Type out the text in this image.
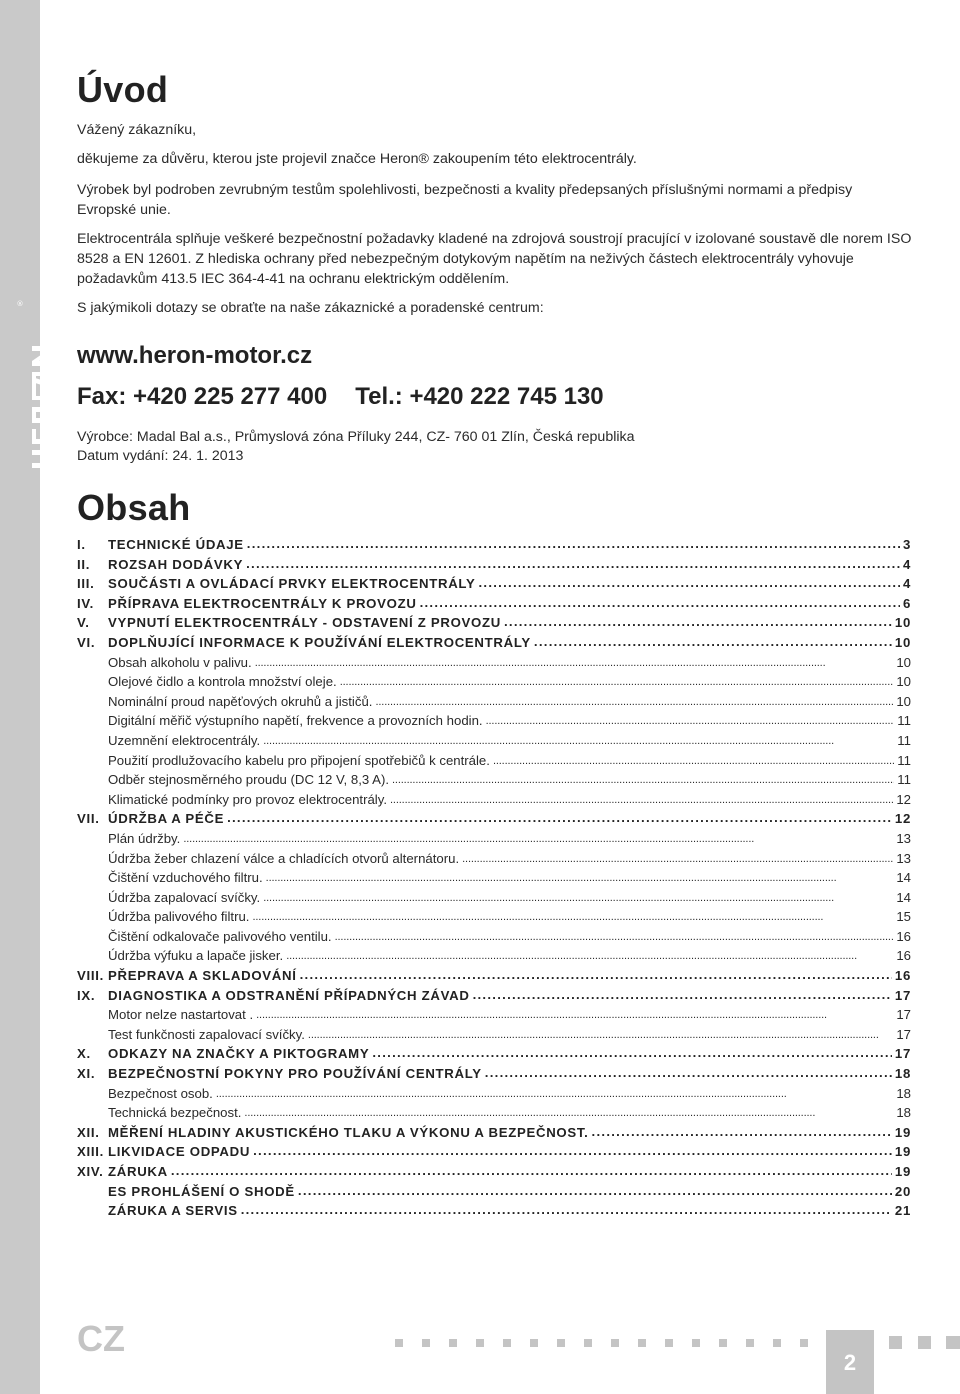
®
Úvod
Vážený zákazníku,
děkujeme za důvěru, kterou jste projevil značce Heron® zakoupením této elektrocentrály.
Výrobek byl podroben zevrubným testům spolehlivosti, bezpečnosti a kvality předepsaných příslušnými normami a předpisy Evropské unie.
Elektrocentrála splňuje veškeré bezpečnostní požadavky kladené na zdrojová soustrojí pracující v izolované soustavě dle norem ISO 8528 a EN 12601. Z hlediska ochrany před nebezpečným dotykovým napětím na neživých částech elektrocentrály vyhovuje požadavkům 413.5 IEC 364-4-41 na ochranu elektrickým oddělením.
S jakýmikoli dotazy se obraťte na naše zákaznické a poradenské centrum:
www.heron-motor.cz
Fax: +420 225 277 400 Tel.: +420 222 745 130
Výrobce: Madal Bal a.s., Průmyslová zóna Příluky 244, CZ- 760 01 Zlín, Česká republika
Datum vydání: 24. 1. 2013
Obsah
I.	TECHNICKÉ ÚDAJE . . .	3
II.	ROZSAH DODÁVKY . . .	4
III.	SOUČÁSTI A OVLÁDACÍ PRVKY ELEKTROCENTRÁLY . . .	4
IV.	PŘÍPRAVA ELEKTROCENTRÁLY K PROVOZU . . .	6
V.	VYPNUTÍ ELEKTROCENTRÁLY - ODSTAVENÍ Z PROVOZU . . .	10
VI. DOPLŇUJÍCÍ INFORMACE K POUŽÍVÁNÍ ELEKTROCENTRÁLY . . .	10
Obsah alkoholu v palivu. . . .	10
Olejové čidlo a kontrola množství oleje. . . .	10
Nominální proud napěťových okruhů a jističů. . . .	10
Digitální měřič výstupního napětí, frekvence a provozních hodin. . . .	11
Uzemnění elektrocentrály. . . .	11
Použití prodlužovacího kabelu pro připojení spotřebičů k centrále. . . .	11
Odběr stejnosměrného proudu (DC 12 V, 8,3 A). . . .	11
Klimatické podmínky pro provoz elektrocentrály. . . .	12
VII. ÚDRŽBA A PÉČE . . .	12
Plán údržby. . . .	13
Údržba žeber chlazení válce a chladících otvorů alternátoru. . . .	13
Čištění vzduchového filtru. . . .	14
Údržba zapalovací svíčky. . . .	14
Údržba palivového filtru. . . .	15
Čištění odkalovače palivového ventilu. . . .	16
Údržba výfuku a lapače jisker. . . .	16
VIII. PŘEPRAVA A SKLADOVÁNÍ . . .	16
IX. DIAGNOSTIKA A ODSTRANĚNÍ PŘÍPADNÝCH ZÁVAD . . .	17
Motor nelze nastartovat . . . .	17
Test funkčnosti zapalovací svíčky. . . .	17
X.	ODKAZY NA ZNAČKY A PIKTOGRAMY . . .	17
XI. BEZPEČNOSTNÍ POKYNY PRO POUŽÍVÁNÍ CENTRÁLY . . .	18
Bezpečnost osob. . . .	18
Technická bezpečnost. . . .	18
XII. MĚŘENÍ HLADINY AKUSTICKÉHO TLAKU A VÝKONU A BEZPEČNOST. . . .	19
XIII. LIKVIDACE ODPADU . . .	19
XIV. ZÁRUKA . . .	19
ES PROHLÁŠENÍ O SHODĚ . . .	20
ZÁRUKA A SERVIS . . .	21
CZ
2
